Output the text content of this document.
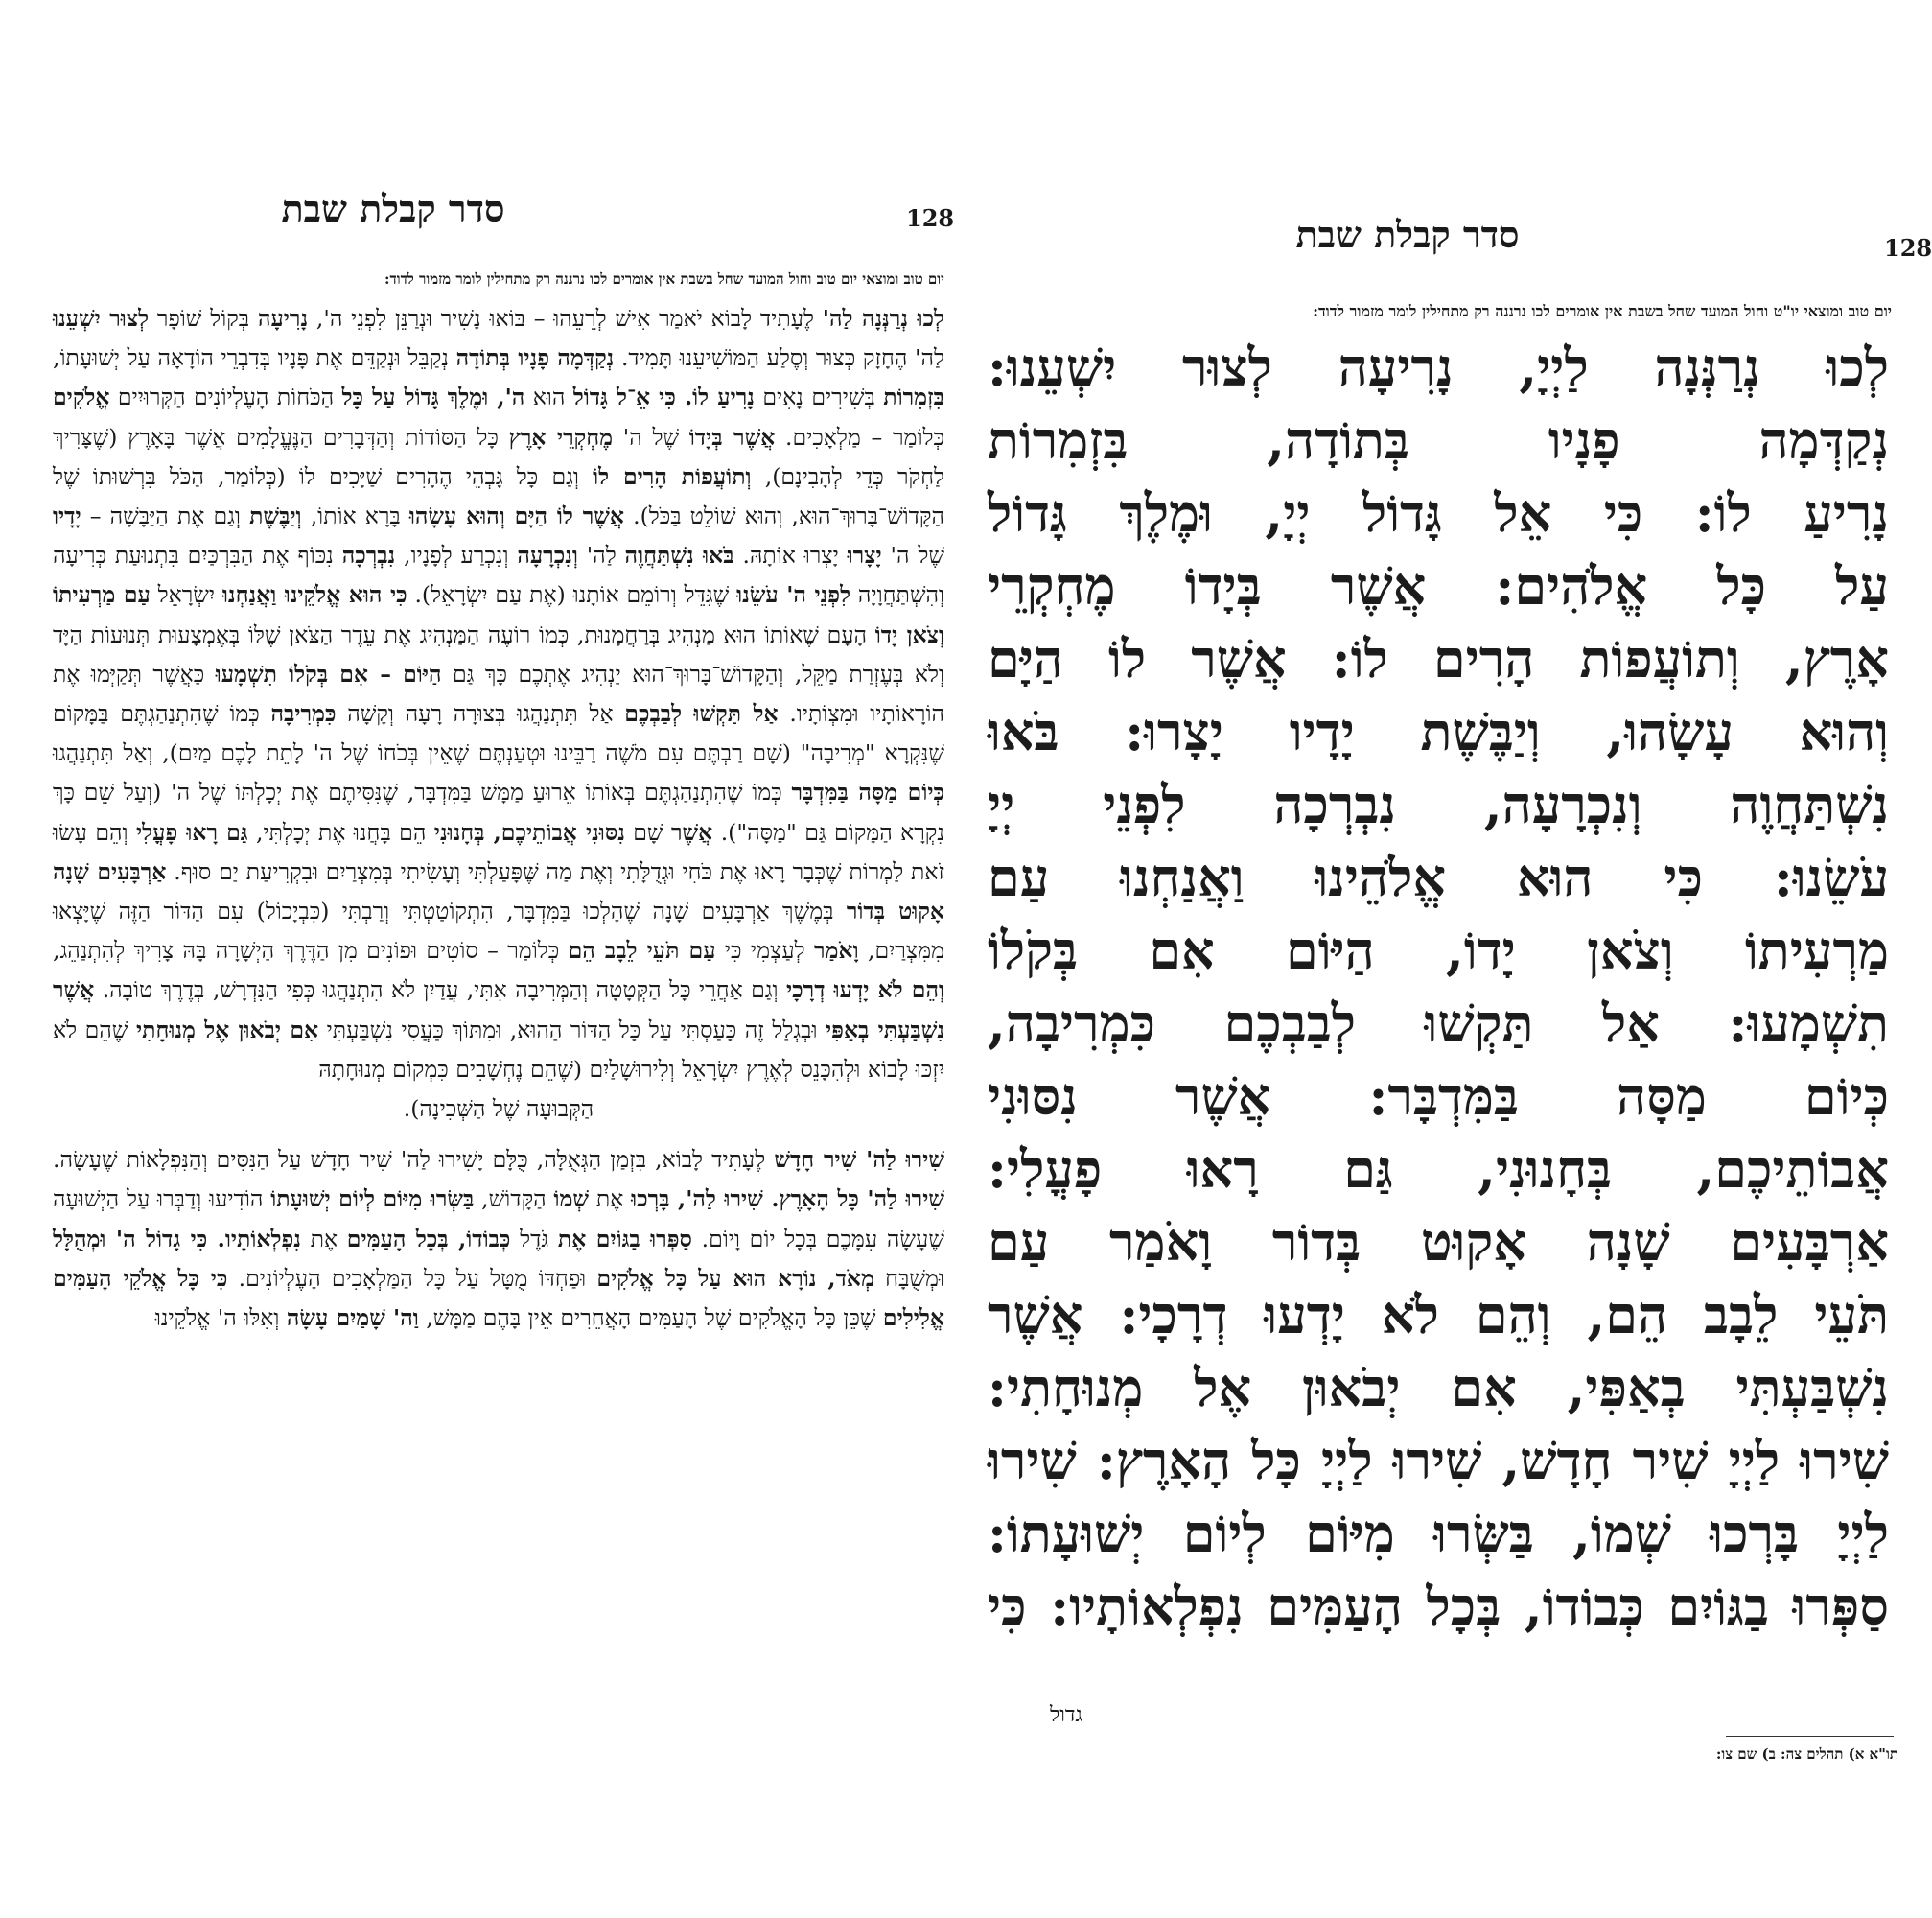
128
סדר קבלת שבת
יום טוב ומוצאי יום טוב וחול המועד שחל בשבת אין אומרים לכו נרננה רק מתחילין לומר מזמור לדוד:

לְכוּ נְרַנְּנָה לַה' לֶעָתִיד לָבוֹא יֹאמַר אִישׁ לְרֵעֵהוּ – בּוֹאוּ נָשִׁיר וּנְרַנֵּן לִפְנֵי ה', נָרִיעָה בְּקוֹל שׁוֹפָר לְצוּר יִשְׁעֵנוּ לַה' הֶחָזָק כְּצוּר וְסֶלַע הַמּוֹשִׁיעֵנוּ תָּמִיד. נְקַדְּמָה פָנָיו בְּתוֹדָה נְקַבֵּל וּנְקַדֵּם אֶת פָּנָיו בְּדִבְרֵי הוֹדָאָה עַל יְשׁוּעָתוֹ, בִּזְמִרוֹת בְּשִׁירִים נָאִים נָרִיעַ לוֹ. כִּי אֵ־ל גָּדוֹל הוּא ה', וּמֶלֶךְ גָּדוֹל עַל כָּל הַכֹּחוֹת הָעֶלְיוֹנִים הַקְּרוּיִים אֱלֹקִים כְּלוֹמַר – מַלְאָכִים. אֲשֶׁר בְּיָדוֹ שֶׁל ה' מֶחְקְרֵי אָרֶץ כָּל הַסּוֹדוֹת וְהַדְּבָרִים הַנֶּעֱלָמִים אֲשֶׁר בָּאָרֶץ (שֶׁצָּרִיךְ לַחְקֹר כְּדֵי לְהָבִינָם), וְתוֹעֲפוֹת הָרִים לוֹ וְגַם כָּל גָּבְהֵי הֶהָרִים שַׁיָּכִים לוֹ (כְּלוֹמַר, הַכֹּל בִּרְשׁוּתוֹ שֶׁל הַקָּדוֹשׁ־בָּרוּךְ־הוּא, וְהוּא שׁוֹלֵט בַּכֹּל). אֲשֶׁר לוֹ הַיָּם וְהוּא עָשָׂהוּ בָּרָא אוֹתוֹ, וְיַבֶּשֶׁת וְגַם אֶת הַיַּבָּשָׁה – יָדָיו שֶׁל ה' יָצָרוּ יָצְרוּ אוֹתָהּ. בֹּאוּ נִשְׁתַּחֲוֶה לַה' וְנִכְרָעָה וְנִכְרַע לְפָנָיו, נִבְרְכָה נִכּוֹף אֶת הַבִּרְכַּיִם בִּתְנוּעַת כְּרִיעָה וְהִשְׁתַּחֲוָיָה לִפְנֵי ה' עֹשֵׂנוּ שֶׁגִּדֵּל וְרוֹמֵם אוֹתָנוּ (אֶת עַם יִשְׂרָאֵל). כִּי הוּא אֱלֹקֵינוּ וַאֲנַחְנוּ יִשְׂרָאֵל עַם מַרְעִיתוֹ וְצֹאן יָדוֹ הָעָם שֶׁאוֹתוֹ הוּא מַנְהִיג בְּרַחֲמָנוּת, כְּמוֹ רוֹעֶה הַמַּנְהִיג אֶת עֵדֶר הַצֹּאן שֶׁלּוֹ בְּאֶמְצָעוּת תְּנוּעוֹת הַיָּד וְלֹא בְּעֶזְרַת מַקֵּל, וְהַקָּדוֹשׁ־בָּרוּךְ־הוּא יַנְהִיג אֶתְכֶם כָּךְ גַּם הַיּוֹם – אִם בְּקֹלוֹ תִשְׁמָעוּ כַּאֲשֶׁר תְּקַיְּמוּ אֶת הוֹרָאוֹתָיו וּמִצְוֹתָיו. אַל תַּקְשׁוּ לְבַבְכֶם אַל תִּתְנַהֲגוּ בְּצוּרָה רָעָה וְקָשָׁה כִּמְרִיבָה כְּמוֹ שֶׁהִתְנַהַגְתֶּם בַּמָּקוֹם שֶׁנִּקְרָא "מְרִיבָה" (שָׁם רַבְתֶּם עִם מֹשֶׁה רַבֵּינוּ וּטְעַנְתֶּם שֶׁאֵין בְּכֹחוֹ שֶׁל ה' לָתֵת לָכֶם מַיִם), וְאַל תִּתְנַהֲגוּ כְּיוֹם מַסָּה בַּמִּדְבָּר כְּמוֹ שֶׁהִתְנַהַגְתֶּם בְּאוֹתוֹ אֵרוּעַ מַמָּשׁ בַּמִּדְבָּר, שֶׁנִּסִּיתֶם אֶת יְכָלְתּוֹ שֶׁל ה' (וְעַל שֵׁם כָּךְ נִקְרָא הַמָּקוֹם גַּם "מַסָּה"). אֲשֶׁר שָׁם נִסּוּנִי אֲבוֹתֵיכֶם, בְּחָנוּנִי הֵם בָּחֲנוּ אֶת יְכָלְתִּי, גַּם רָאוּ פָעֳלִי וְהֵם עָשׂוּ זֹאת לַמְרוֹת שֶׁכְּבָר רָאוּ אֶת כֹּחִי וּגְדֻלָּתִי וְאֶת מַה שֶּׁפָּעַלְתִּי וְעָשִׂיתִי בְּמִצְרַיִם וּבִקְרִיעַת יַם סוּף. אַרְבָּעִים שָׁנָה אָקוּט בְּדוֹר בְּמֶשֶׁךְ אַרְבָּעִים שָׁנָה שֶׁהָלְכוּ בַּמִּדְבָּר, הִתְקוֹטַטְתִּי וְרַבְתִּי (כִּבְיָכוֹל) עִם הַדּוֹר הַזֶּה שֶׁיָּצְאוּ מִמִּצְרַיִם, וָאֹמַר לְעַצְמִי כִּי עַם תֹּעֵי לֵבָב הֵם כְּלוֹמַר – סוֹטִים וּפוֹנִים מִן הַדֶּרֶךְ הַיְשָׁרָה בָּהּ צָרִיךְ לְהִתְנַהֵג, וְהֵם לֹא יָדְעוּ דְרָכָי וְגַם אַחֲרֵי כָּל הַקְּטָטָה וְהַמְּרִיבָה אִתִּי, עֲדַיִן לֹא הִתְנַהֲגוּ כְּפִי הַנִּדְרָשׁ, בְּדֶרֶךְ טוֹבָה. אֲשֶׁר נִשְׁבַּעְתִּי בְאַפִּי וּבְגְלַל זֶה כָּעַסְתִּי עַל כָּל הַדּוֹר הַהוּא, וּמִתּוֹךְ כַּעֲסִי נִשְׁבַּעְתִּי אִם יְבֹאוּן אֶל מְנוּחָתִי שֶׁהֵם לֹא יִזְכּוּ לָבוֹא וּלְהִכָּנֵס לְאֶרֶץ יִשְׂרָאֵל וְלִירוּשָׁלַיִם (שֶׁהֵם נֶחְשָׁבִים כִּמְקוֹם מְנוּחָתָהּ

הַקְּבוּעָה שֶׁל הַשְּׁכִינָה).

שִׁירוּ לַה' שִׁיר חָדָשׁ לֶעָתִיד לָבוֹא, בִּזְמַן הַגְּאֻלָּה, כֻּלָּם יָשִׁירוּ לַה' שִׁיר חָדָשׁ עַל הַנִּסִּים וְהַנִּפְלָאוֹת שֶׁעָשָׂה. שִׁירוּ לַה' כָּל הָאָרֶץ. שִׁירוּ לַה', בָּרְכוּ אֶת שְׁמוֹ הַקָּדוֹשׁ, בַּשְּׂרוּ מִיּוֹם לְיוֹם יְשׁוּעָתוֹ הוֹדִיעוּ וְדַבְּרוּ עַל הַיְשׁוּעָה שֶׁעָשָׂה עִמָּכֶם בְּכָל יוֹם וָיוֹם. סַפְּרוּ בַגּוֹיִם אֶת גֹּדֶל כְּבוֹדוֹ, בְּכָל הָעַמִּים אֶת נִפְלְאוֹתָיו. כִּי גָדוֹל ה' וּמְהֻלָּל וּמְשֻׁבָּח מְאֹד, נוֹרָא הוּא עַל כָּל אֱלֹקִים וּפַחְדּוֹ מֻטָּל עַל כָּל הַמַּלְאָכִים הָעֶלְיוֹנִים. כִּי כָּל אֱלֹקֵי הָעַמִּים אֱלִילִים שֶׁכֵּן כָּל הָאֱלֹקִים שֶׁל הָעַמִּים הָאֲחֵרִים אֵין בָּהֶם מַמָּשׁ, וַה' שָׁמַיִם עָשָׂה וְאִלּוּ ה' אֱלֹקֵינוּ

128
סדר קבלת שבת
יום טוב ומוצאי יו"ט וחול המועד שחל בשבת אין אומרים לכו נרננה רק מתחילין לומר מזמור לדוד:
לְכוּ נְרַנְּנָה לַיְיָ, נָרִיעָה לְצוּר יִשְׁעֵנוּ:
נְקַדְּמָה פָנָיו בְּתוֹדָה, בִּזְמִרוֹת
נָרִיעַ לוֹ: כִּי אֵל גָּדוֹל יְיָ, וּמֶלֶךְ גָּדוֹל
עַל כָּל אֱלֹהִים: אֲשֶׁר בְּיָדוֹ מֶחְקְרֵי
אָרֶץ, וְתוֹעֲפוֹת הָרִים לוֹ: אֲשֶׁר לוֹ הַיָּם
וְהוּא עָשָׂהוּ, וְיַבֶּשֶׁת יָדָיו יָצָרוּ: בֹּאוּ
נִשְׁתַּחֲוֶה וְנִכְרָעָה, נִבְרְכָה לִפְנֵי יְיָ
עֹשֵׂנוּ: כִּי הוּא אֱלֹהֵינוּ וַאֲנַחְנוּ עַם
מַרְעִיתוֹ וְצֹאן יָדוֹ, הַיּוֹם אִם בְּקֹלוֹ
תִשְׁמָעוּ: אַל תַּקְשׁוּ לְבַבְכֶם כִּמְרִיבָה,
כְּיוֹם מַסָּה בַּמִּדְבָּר: אֲשֶׁר נִסּוּנִי
אֲבוֹתֵיכֶם, בְּחָנוּנִי, גַּם רָאוּ פָעֳלִי:
אַרְבָּעִים שָׁנָה אָקוּט בְּדוֹר וָאֹמַר עַם
תֹּעֵי לֵבָב הֵם, וְהֵם לֹא יָדְעוּ דְרָכָי: אֲשֶׁר
נִשְׁבַּעְתִּי בְאַפִּי, אִם יְבֹאוּן אֶל מְנוּחָתִי:
שִׁירוּ לַיְיָ שִׁיר חָדָשׁ, שִׁירוּ לַיְיָ כָּל הָאָרֶץ: שִׁירוּ
לַיְיָ בָּרְכוּ שְׁמוֹ, בַּשְּׂרוּ מִיּוֹם לְיוֹם יְשׁוּעָתוֹ:
סַפְּרוּ בַגּוֹיִם כְּבוֹדוֹ, בְּכָל הָעַמִּים נִפְלְאוֹתָיו: כִּי
גדול
תו"א א) תהלים צה: ב) שם צו:
